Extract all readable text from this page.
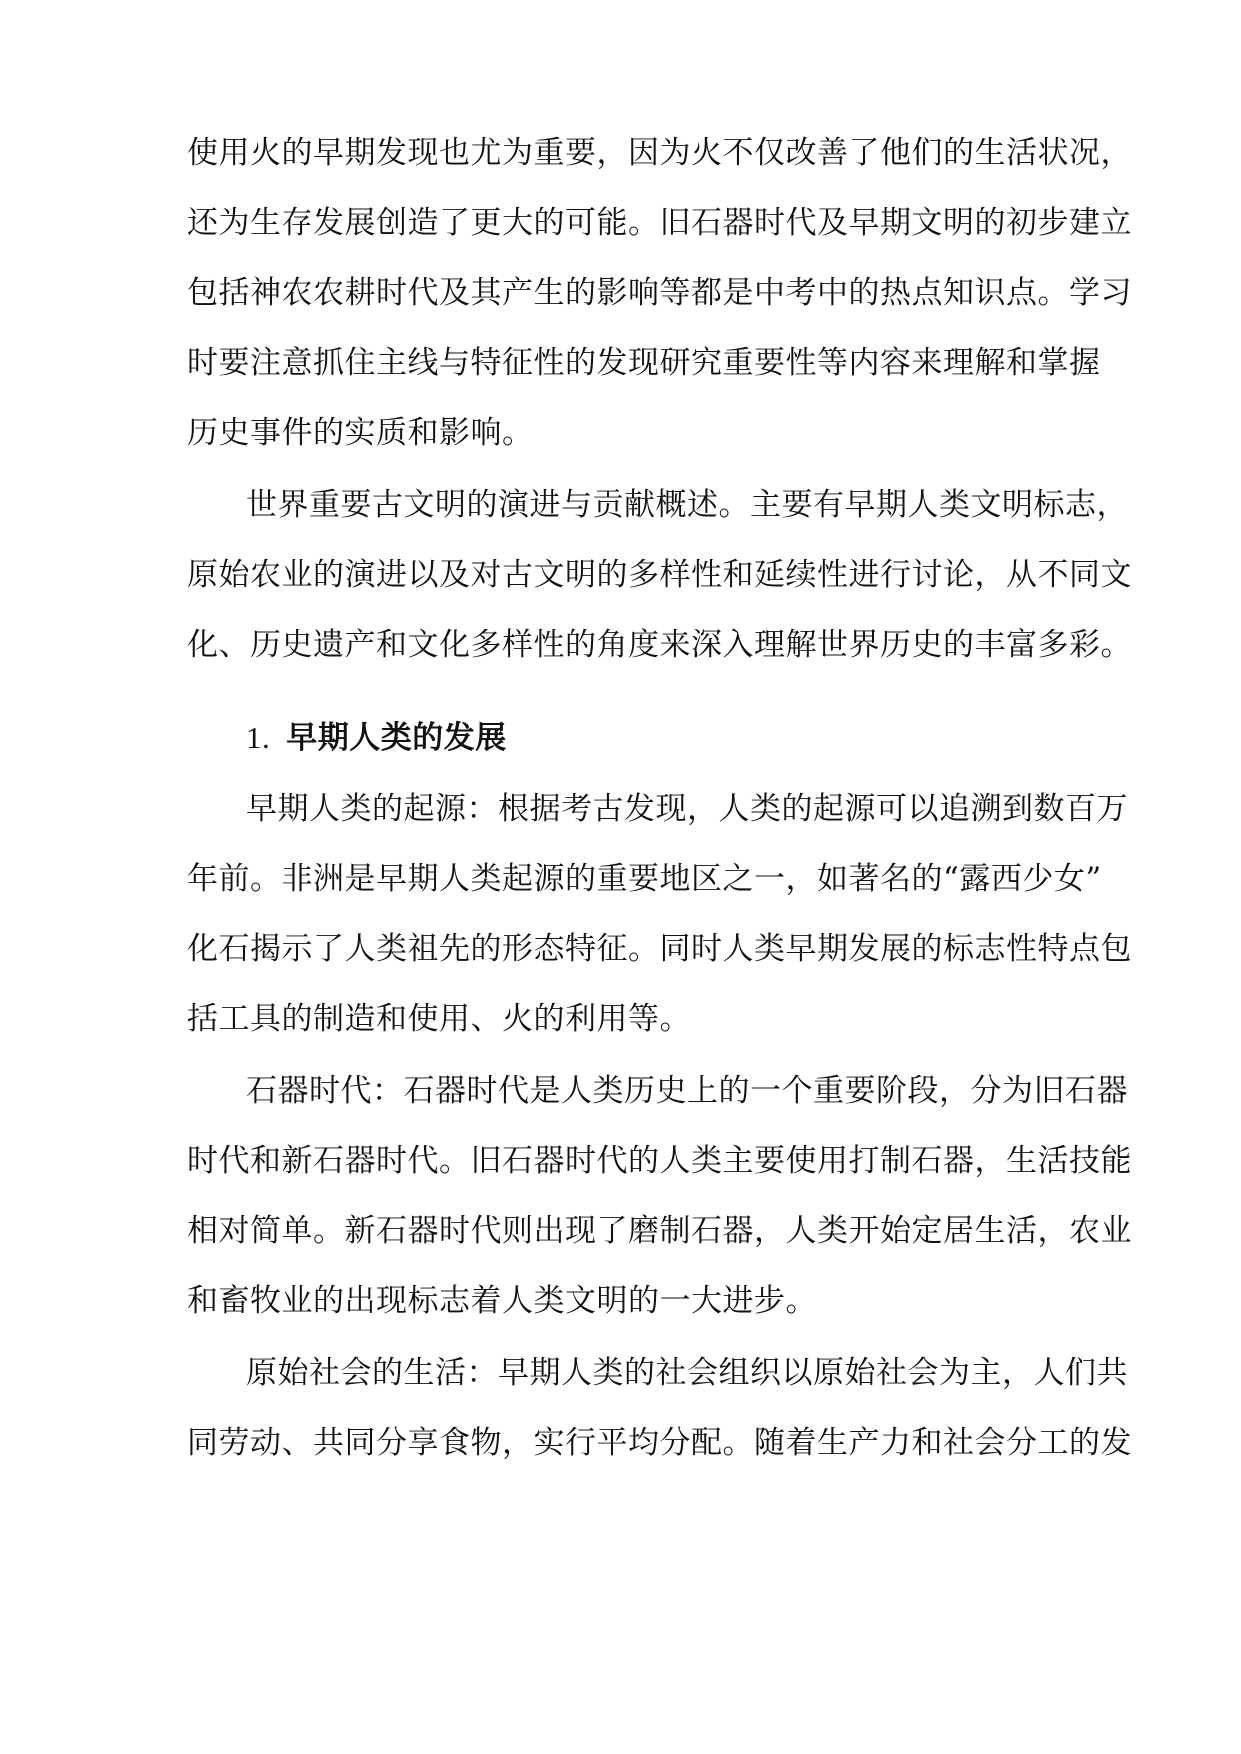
使用火的早期发现也尤为重要，因为火不仅改善了他们的生活状况，
还为生存发展创造了更大的可能。旧石器时代及早期文明的初步建立
包括神农农耕时代及其产生的影响等都是中考中的热点知识点。学习
时要注意抓住主线与特征性的发现研究重要性等内容来理解和掌握
历史事件的实质和影响。
世界重要古文明的演进与贡献概述。主要有早期人类文明标志，
原始农业的演进以及对古文明的多样性和延续性进行讨论，从不同文
化、历史遗产和文化多样性的角度来深入理解世界历史的丰富多彩。
1. 早期人类的发展
早期人类的起源：根据考古发现，人类的起源可以追溯到数百万
年前。非洲是早期人类起源的重要地区之一，如著名的“露西少女”
化石揭示了人类祖先的形态特征。同时人类早期发展的标志性特点包
括工具的制造和使用、火的利用等。
石器时代：石器时代是人类历史上的一个重要阶段，分为旧石器
时代和新石器时代。旧石器时代的人类主要使用打制石器，生活技能
相对简单。新石器时代则出现了磨制石器，人类开始定居生活，农业
和畜牧业的出现标志着人类文明的一大进步。
原始社会的生活：早期人类的社会组织以原始社会为主，人们共
同劳动、共同分享食物，实行平均分配。随着生产力和社会分工的发
